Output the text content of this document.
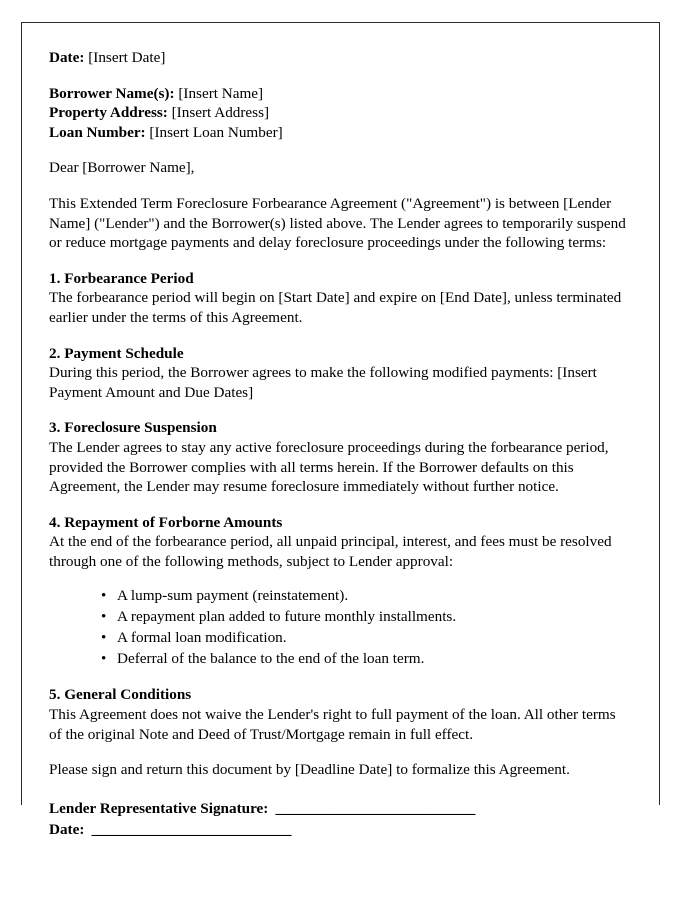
Date: [Insert Date]

Borrower Name(s): [Insert Name]

Property Address: [Insert Address]

Loan Number: [Insert Loan Number]

Dear [Borrower Name],

This Extended Term Foreclosure Forbearance Agreement ("Agreement") is between [Lender Name] ("Lender") and the Borrower(s) listed above. The Lender agrees to temporarily suspend or reduce mortgage payments and delay foreclosure proceedings under the following terms:

1. Forbearance Period

The forbearance period will begin on [Start Date] and expire on [End Date], unless terminated earlier under the terms of this Agreement.

2. Payment Schedule

During this period, the Borrower agrees to make the following modified payments: [Insert Payment Amount and Due Dates]

3. Foreclosure Suspension

The Lender agrees to stay any active foreclosure proceedings during the forbearance period, provided the Borrower complies with all terms herein. If the Borrower defaults on this Agreement, the Lender may resume foreclosure immediately without further notice.

4. Repayment of Forborne Amounts

At the end of the forbearance period, all unpaid principal, interest, and fees must be resolved through one of the following methods, subject to Lender approval:

• A lump-sum payment (reinstatement).
• A repayment plan added to future monthly installments.
• A formal loan modification.
• Deferral of the balance to the end of the loan term.

5. General Conditions

This Agreement does not waive the Lender's right to full payment of the loan. All other terms of the original Note and Deed of Trust/Mortgage remain in full effect.

Please sign and return this document by [Deadline Date] to formalize this Agreement.

Lender Representative Signature:  ___________________________
Date:  ___________________________
